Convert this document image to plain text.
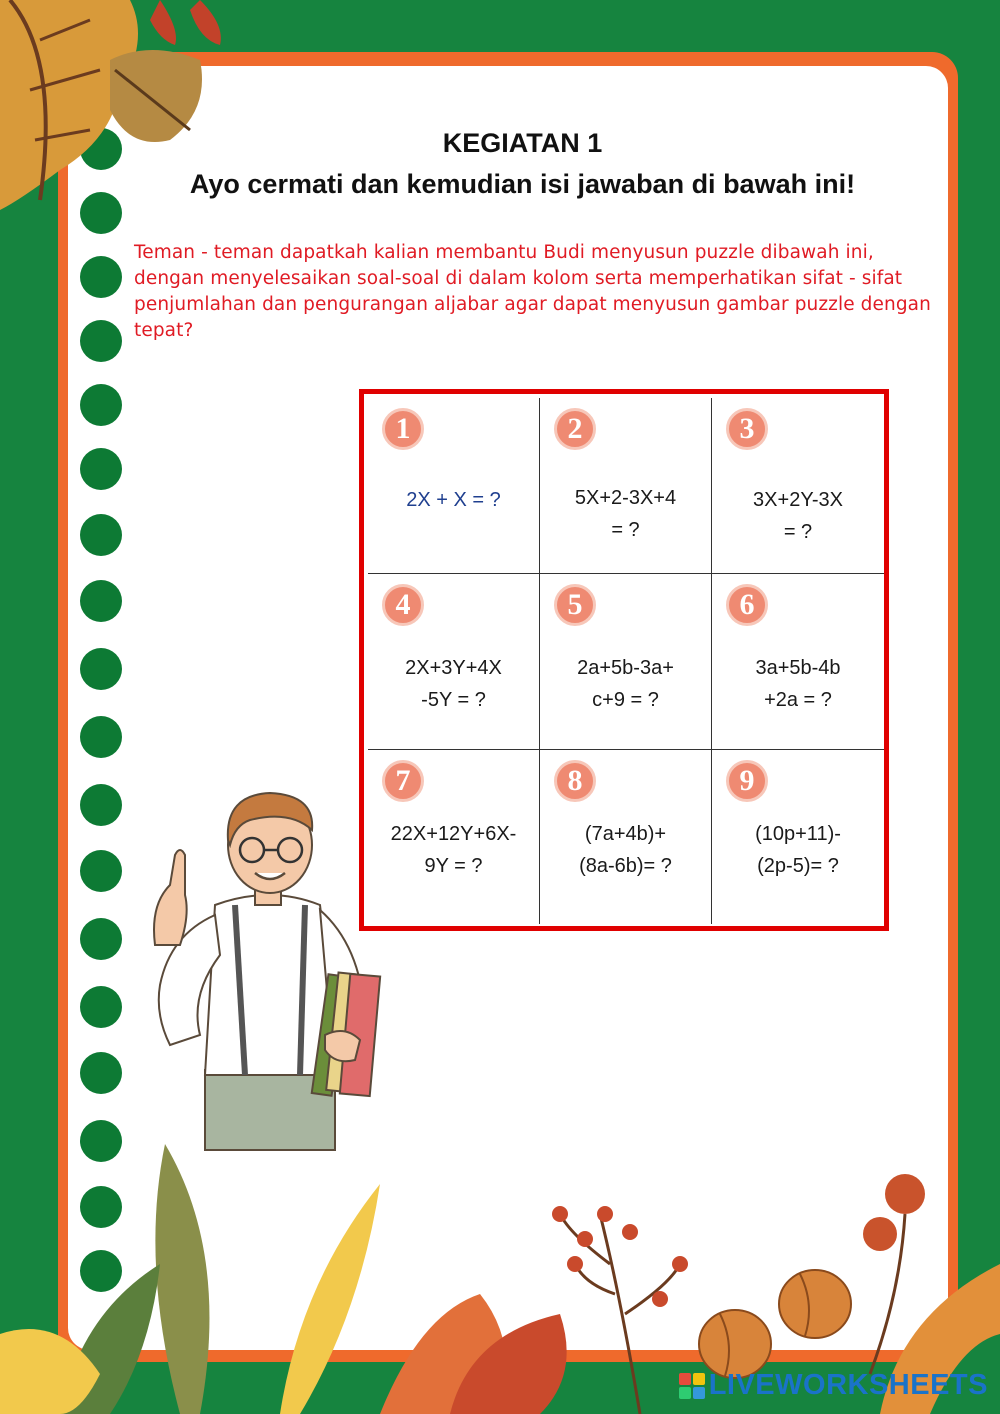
KEGIATAN 1
Ayo cermati dan kemudian isi jawaban di bawah ini!
Teman - teman dapatkah kalian membantu Budi menyusun puzzle dibawah ini, dengan menyelesaikan soal-soal di dalam kolom serta memperhatikan sifat - sifat penjumlahan dan pengurangan aljabar agar dapat menyusun gambar puzzle dengan tepat?
1
2X + X = ?
2
5X+2-3X+4
= ?
3
3X+2Y-3X
= ?
4
2X+3Y+4X
-5Y = ?
5
2a+5b-3a+
c+9 = ?
6
3a+5b-4b
+2a = ?
7
22X+12Y+6X-
9Y = ?
8
(7a+4b)+
(8a-6b)= ?
9
(10p+11)-
(2p-5)= ?
LIVEWORKSHEETS
